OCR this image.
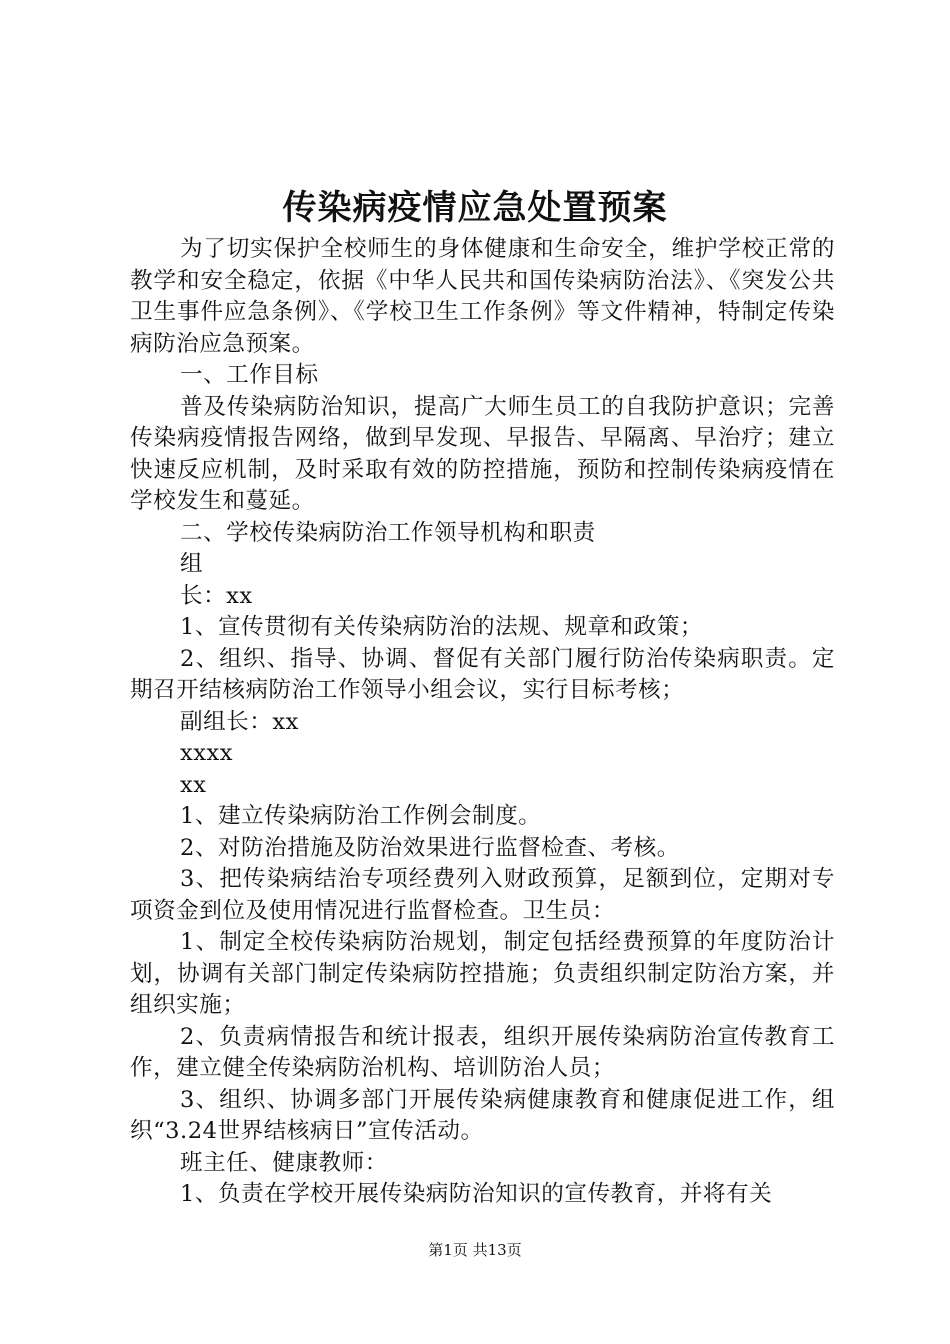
传染病疫情应急处置预案

为了切实保护全校师生的身体健康和生命安全，维护学校正常的教学和安全稳定，依据《中华人民共和国传染病防治法》、《突发公共卫生事件应急条例》、《学校卫生工作条例》等文件精神，特制定传染病防治应急预案。

一、工作目标

普及传染病防治知识，提高广大师生员工的自我防护意识；完善传染病疫情报告网络，做到早发现、早报告、早隔离、早治疗；建立快速反应机制，及时采取有效的防控措施，预防和控制传染病疫情在学校发生和蔓延。

二、学校传染病防治工作领导机构和职责

组

长：xx

1、宣传贯彻有关传染病防治的法规、规章和政策；

2、组织、指导、协调、督促有关部门履行防治传染病职责。定期召开结核病防治工作领导小组会议，实行目标考核；

副组长：xx

xxxx

xx

1、建立传染病防治工作例会制度。

2、对防治措施及防治效果进行监督检查、考核。

3、把传染病结治专项经费列入财政预算，足额到位，定期对专项资金到位及使用情况进行监督检查。卫生员：

1、制定全校传染病防治规划，制定包括经费预算的年度防治计划，协调有关部门制定传染病防控措施；负责组织制定防治方案，并组织实施；

2、负责病情报告和统计报表，组织开展传染病防治宣传教育工作，建立健全传染病防治机构、培训防治人员；

3、组织、协调多部门开展传染病健康教育和健康促进工作，组织“3.24世界结核病日”宣传活动。

班主任、健康教师：

1、负责在学校开展传染病防治知识的宣传教育，并将有关

第1页 共13页
